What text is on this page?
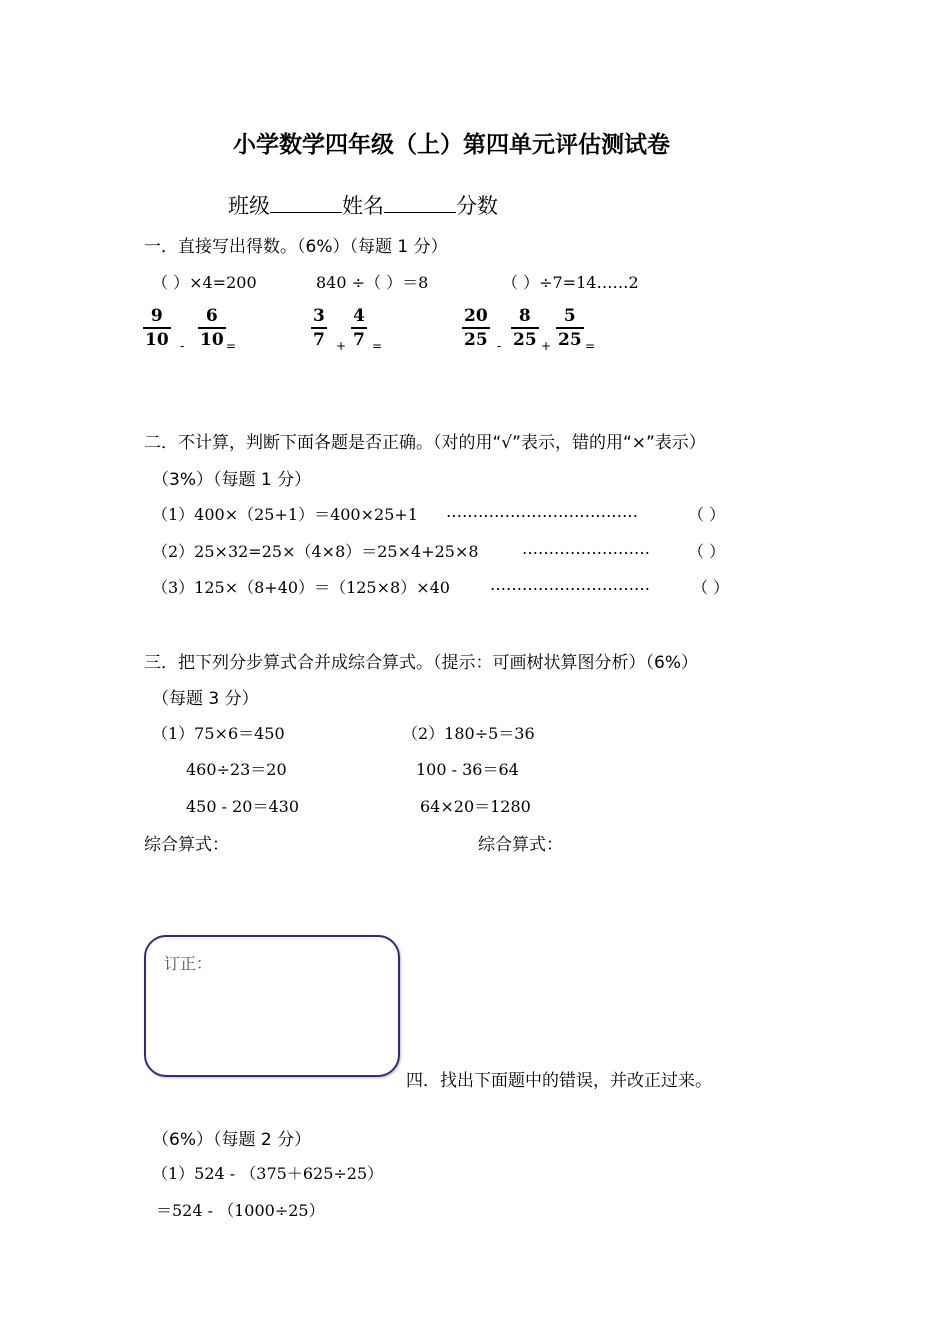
小学数学四年级（上）第四单元评估测试卷
班级	姓名	分数
一．直接写出得数。（6%）（每题 1 分）
（ ）×4=200	840 ÷（ ）＝8	（ ）÷7=14……2
9
10 -
6
10 =
3
7 +
4
7 =
20
25 -
8
25 +
5
25 =
二．不计算，判断下面各题是否正确。（对的用“√”表示，错的用“×”表示）
（3%）（每题 1 分）
（1）400×（25+1）＝400×25+1 ………………………………	（ ）
（2）25×32=25×（4×8）＝25×4+25×8	…………………… （ ）
（3）125×（8+40）＝（125×8）×40	…………………………	（ ）
三．把下列分步算式合并成综合算式。（提示：可画树状算图分析）（6%）
（每题 3 分）
（1）75×6＝450
460÷23＝20
450 - 20＝430
（2）180÷5＝36
100 - 36＝64
64×20＝1280
综合算式：	综合算式：
订正：
四．找出下面题中的错误，并改正过来。
（6%）（每题 2 分）
（1）524 - （375＋625÷25）
＝524 - （1000÷25）
